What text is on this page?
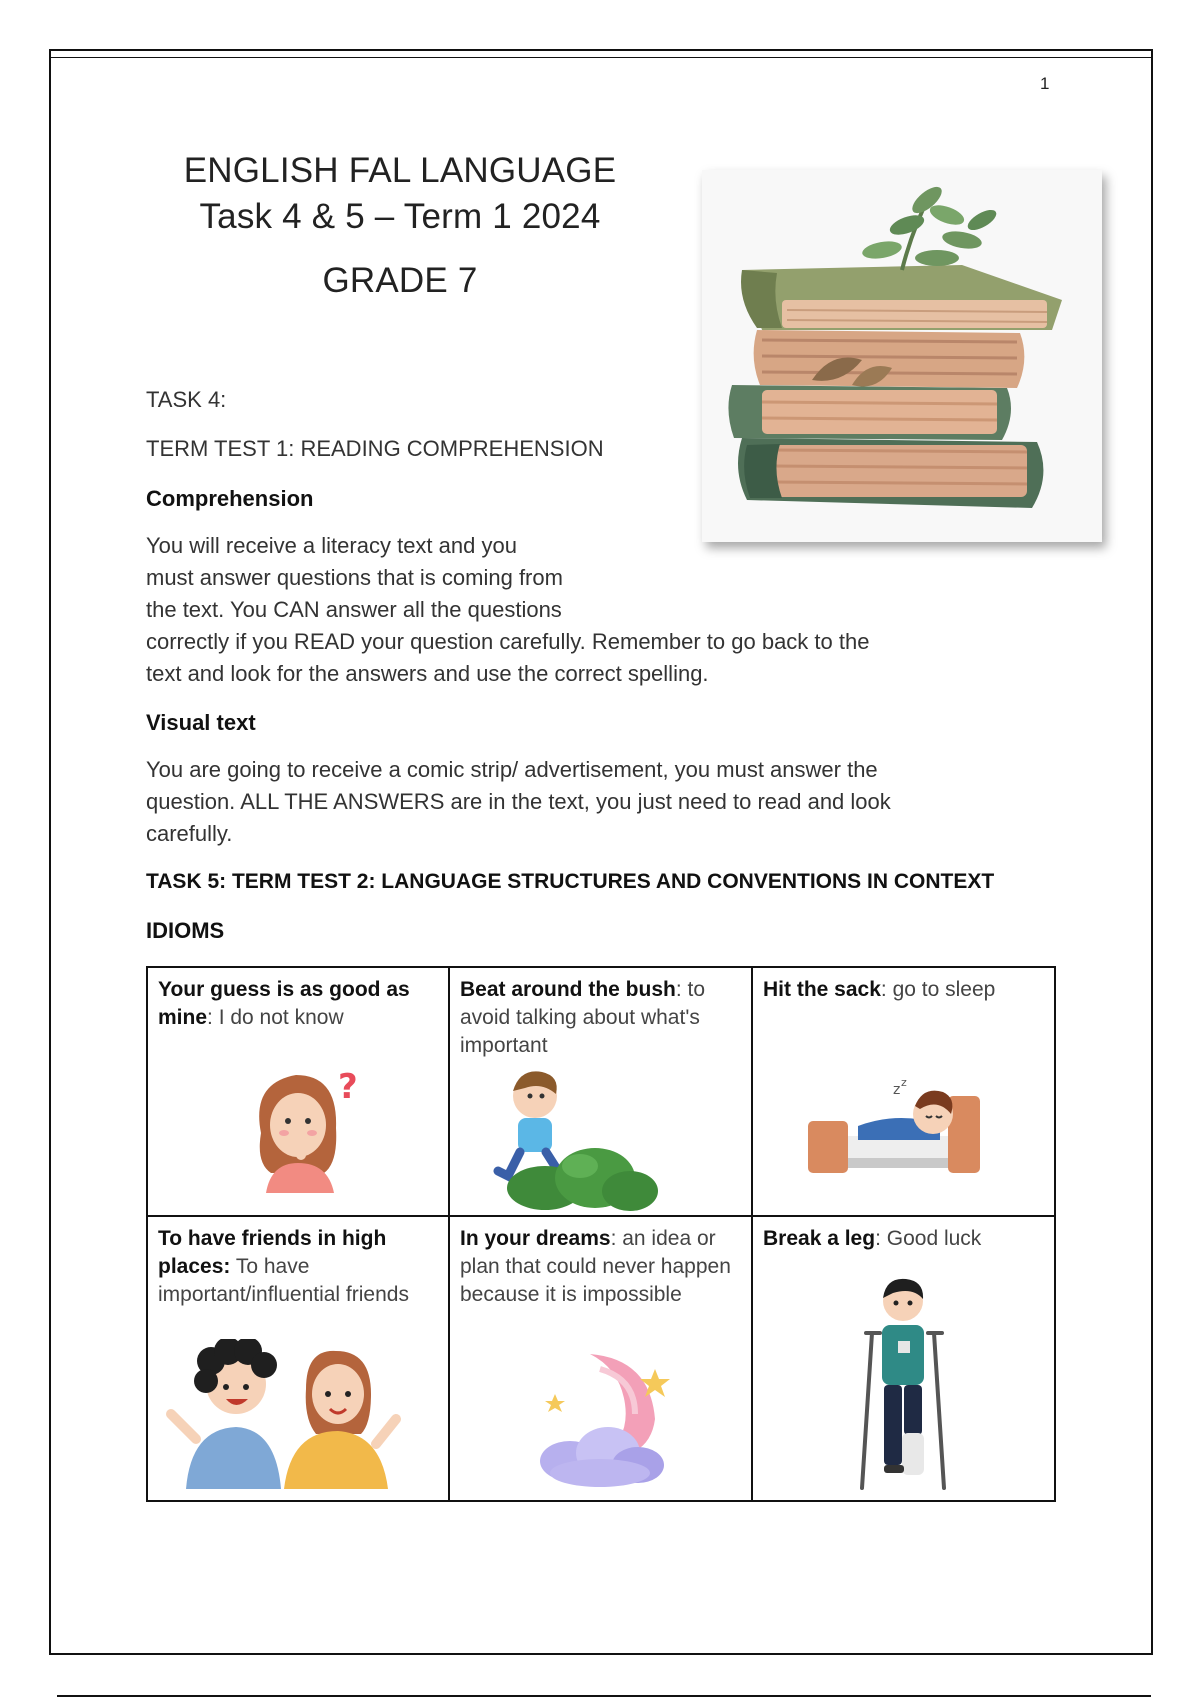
1
ENGLISH FAL LANGUAGE
Task 4 & 5 – Term 1 2024
GRADE 7
TASK 4:
TERM TEST 1: READING COMPREHENSION
Comprehension
You will receive a literacy text and you
must answer questions that is coming from
the text. You CAN answer all the questions
correctly if you READ your question carefully. Remember to go back to the
text and look for the answers and use the correct spelling.
Visual text
You are going to receive a comic strip/ advertisement, you must answer the
question. ALL THE ANSWERS are in the text, you just need to read and look
carefully.
TASK 5: TERM TEST 2: LANGUAGE STRUCTURES AND CONVENTIONS IN CONTEXT
IDIOMS
Your guess is as good as mine: I do not know
?
Beat around the bush: to avoid talking about what's important
Hit the sack: go to sleep
z z
To have friends in high places: To have important/influential friends
In your dreams: an idea or plan that could never happen because it is impossible
Break a leg: Good luck
